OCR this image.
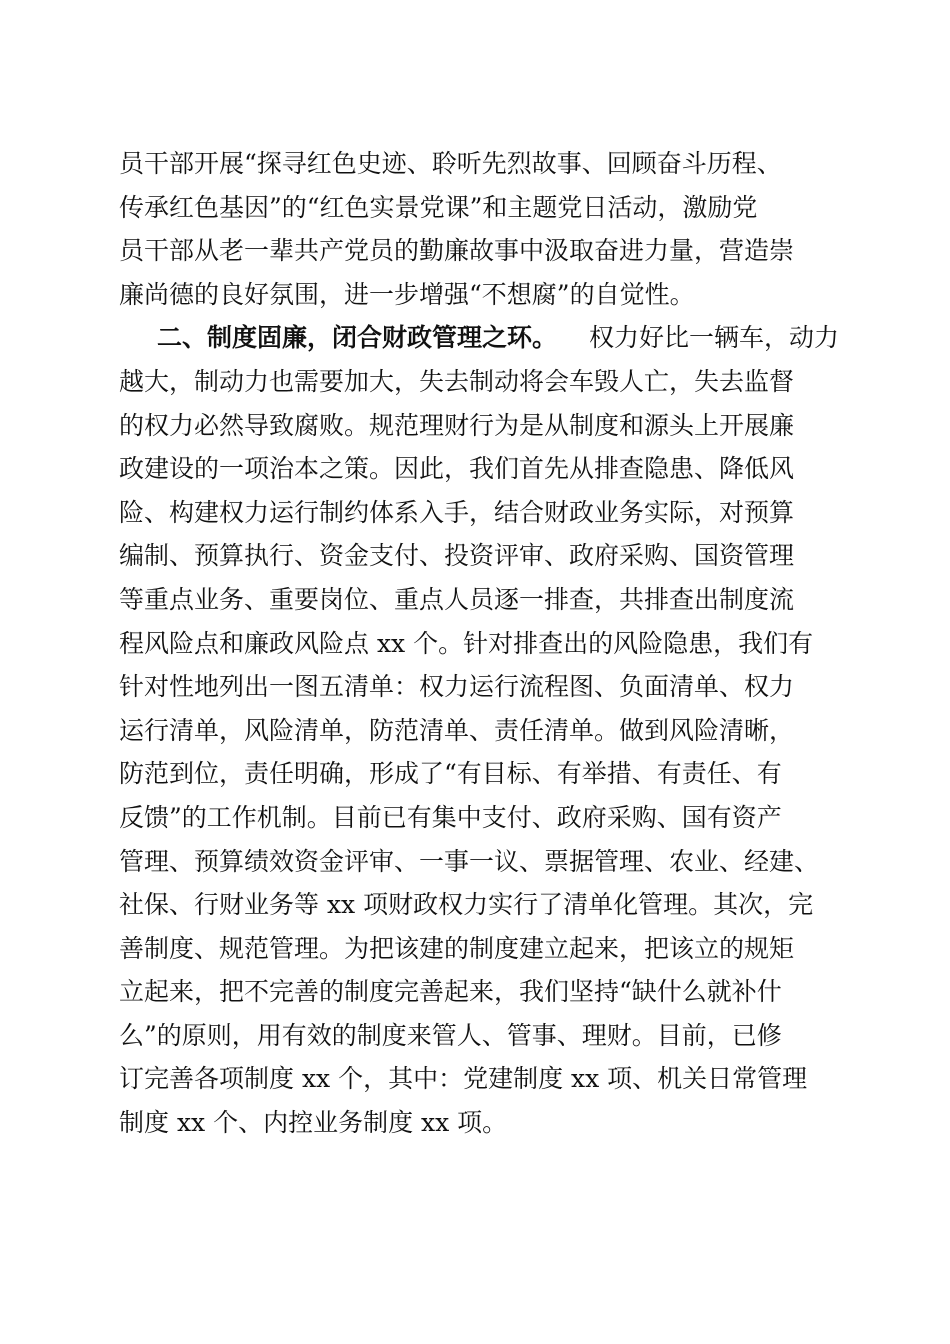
员干部开展“探寻红色史迹、聆听先烈故事、回顾奋斗历程、
传承红色基因”的“红色实景党课”和主题党日活动，激励党
员干部从老一辈共产党员的勤廉故事中汲取奋进力量，营造崇
廉尚德的良好氛围，进一步增强“不想腐”的自觉性。
二、制度固廉，闭合财政管理之环。 权力好比一辆车，动力
越大，制动力也需要加大，失去制动将会车毁人亡，失去监督
的权力必然导致腐败。规范理财行为是从制度和源头上开展廉
政建设的一项治本之策。因此，我们首先从排查隐患、降低风
险、构建权力运行制约体系入手，结合财政业务实际，对预算
编制、预算执行、资金支付、投资评审、政府采购、国资管理
等重点业务、重要岗位、重点人员逐一排查，共排查出制度流
程风险点和廉政风险点 xx 个。针对排查出的风险隐患，我们有
针对性地列出一图五清单：权力运行流程图、负面清单、权力
运行清单，风险清单，防范清单、责任清单。做到风险清晰，
防范到位，责任明确，形成了“有目标、有举措、有责任、有
反馈”的工作机制。目前已有集中支付、政府采购、国有资产
管理、预算绩效资金评审、一事一议、票据管理、农业、经建、
社保、行财业务等 xx 项财政权力实行了清单化管理。其次，完
善制度、规范管理。为把该建的制度建立起来，把该立的规矩
立起来，把不完善的制度完善起来，我们坚持“缺什么就补什
么”的原则，用有效的制度来管人、管事、理财。目前，已修
订完善各项制度 xx 个，其中：党建制度 xx 项、机关日常管理
制度 xx 个、内控业务制度 xx 项。
